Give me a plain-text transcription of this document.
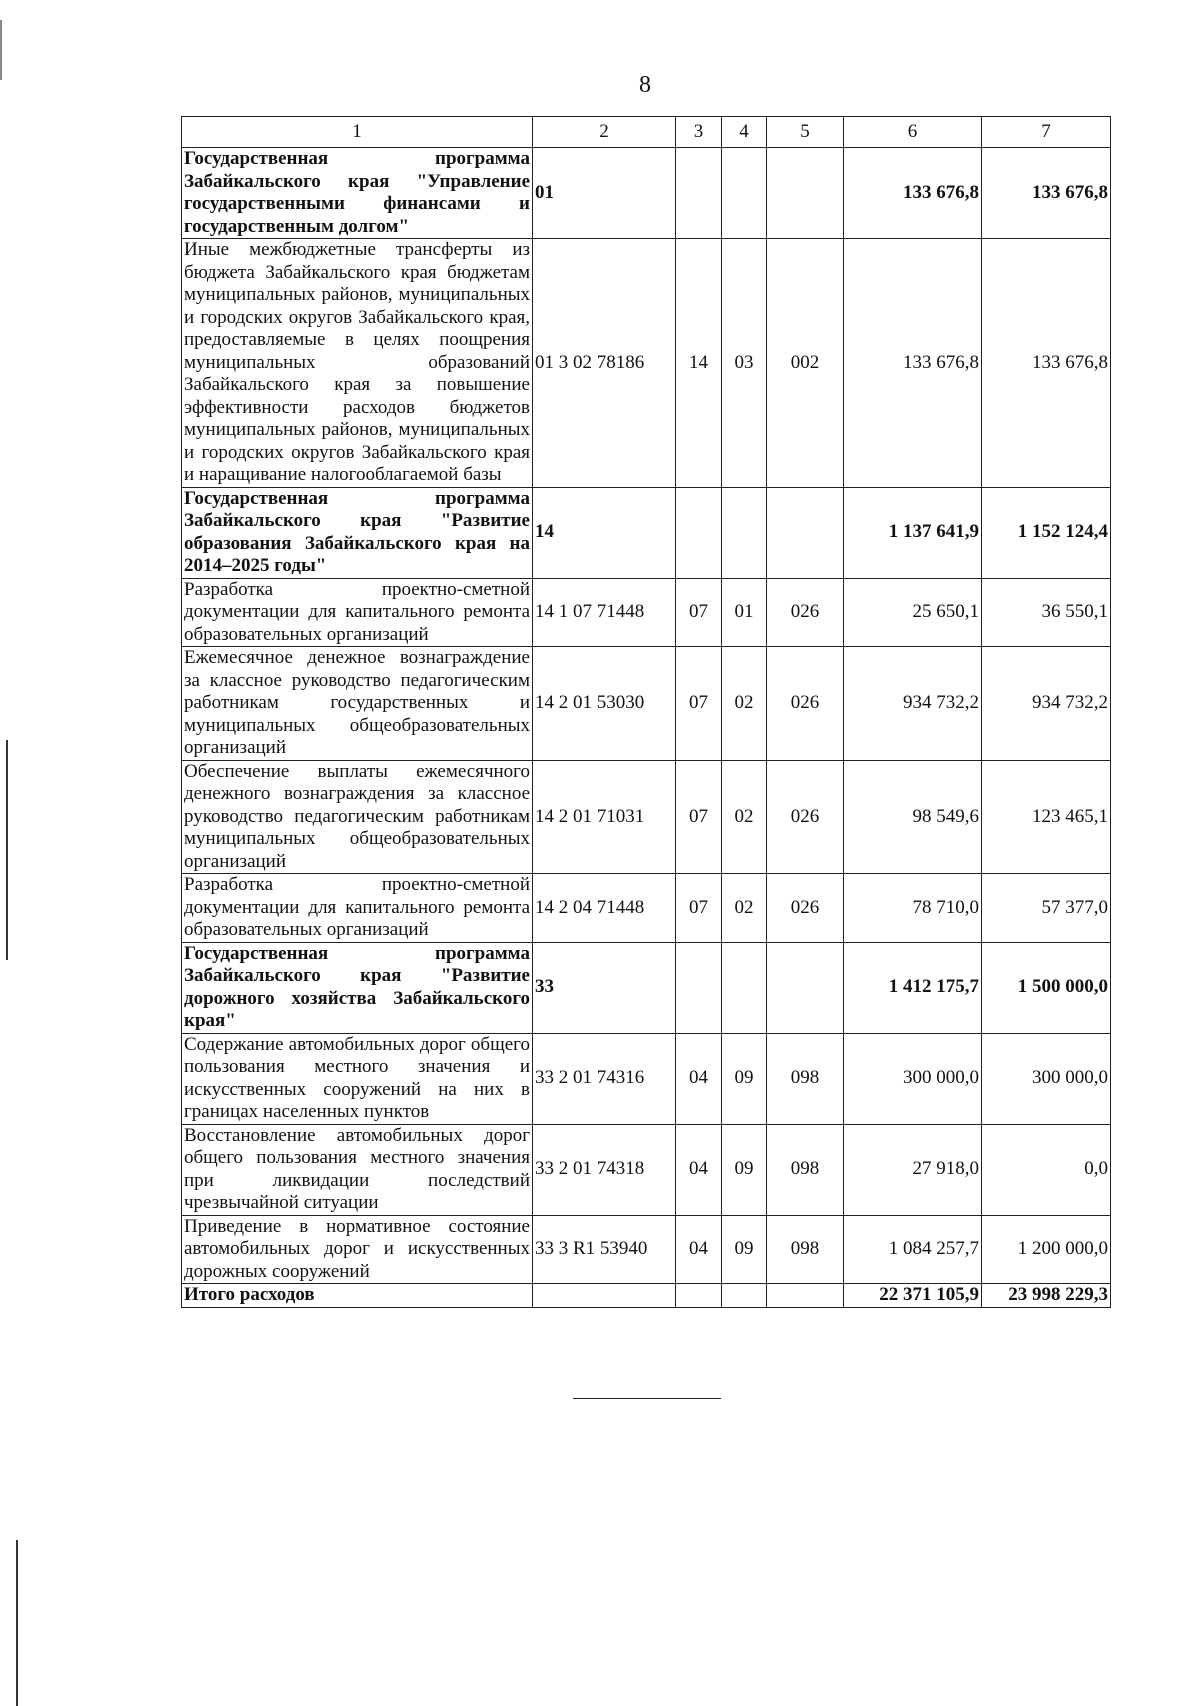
8
1	2	3	4	5	6	7
Государственная программа Забайкальского края "Управление государственными финансами и государственным долгом"	01				133 676,8	133 676,8
Иные межбюджетные трансферты из бюджета Забайкальского края бюджетам муниципальных районов, муниципальных и городских округов Забайкальского края, предоставляемые в целях поощрения муниципальных образований Забайкальского края за повышение эффективности расходов бюджетов муниципальных районов, муниципальных и городских округов Забайкальского края и наращивание налогооблагаемой базы	01 3 02 78186	14	03	002	133 676,8	133 676,8
Государственная программа Забайкальского края "Развитие образования Забайкальского края на 2014–2025 годы"	14				1 137 641,9	1 152 124,4
Разработка проектно-сметной документации для капитального ремонта образовательных организаций	14 1 07 71448	07	01	026	25 650,1	36 550,1
Ежемесячное денежное вознаграждение за классное руководство педагогическим работникам государственных и муниципальных общеобразовательных организаций	14 2 01 53030	07	02	026	934 732,2	934 732,2
Обеспечение выплаты ежемесячного денежного вознаграждения за классное руководство педагогическим работникам муниципальных общеобразовательных организаций	14 2 01 71031	07	02	026	98 549,6	123 465,1
Разработка проектно-сметной документации для капитального ремонта образовательных организаций	14 2 04 71448	07	02	026	78 710,0	57 377,0
Государственная программа Забайкальского края "Развитие дорожного хозяйства Забайкальского края"	33				1 412 175,7	1 500 000,0
Содержание автомобильных дорог общего пользования местного значения и искусственных сооружений на них в границах населенных пунктов	33 2 01 74316	04	09	098	300 000,0	300 000,0
Восстановление автомобильных дорог общего пользования местного значения при ликвидации последствий чрезвычайной ситуации	33 2 01 74318	04	09	098	27 918,0	0,0
Приведение в нормативное состояние автомобильных дорог и искусственных дорожных сооружений	33 3 R1 53940	04	09	098	1 084 257,7	1 200 000,0
Итого расходов					22 371 105,9	23 998 229,3
